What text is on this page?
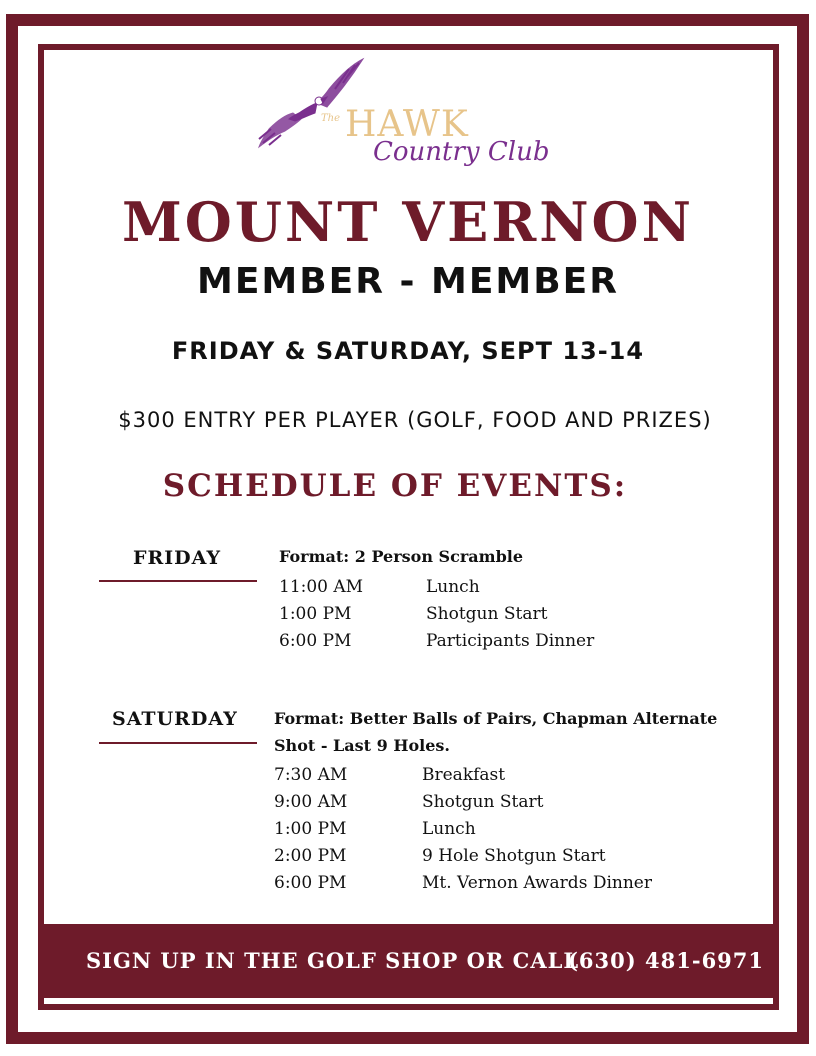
The HAWK
Country Club
MOUNT VERNON
MEMBER - MEMBER
FRIDAY & SATURDAY, SEPT 13-14
$300 ENTRY PER PLAYER (GOLF, FOOD AND PRIZES)
SCHEDULE OF EVENTS:
FRIDAY	Format: 2 Person Scramble
11:00 AM	Lunch
1:00 PM	Shotgun Start
6:00 PM	Participants Dinner
SATURDAY Format: Better Balls of Pairs, Chapman Alternate
Shot - Last 9 Holes.
7:30 AM	Breakfast
9:00 AM	Shotgun Start
1:00 PM	Lunch
2:00 PM	9 Hole Shotgun Start
6:00 PM	Mt. Vernon Awards Dinner
SIGN UP IN THE GOLF SHOP OR CALL
(630) 481-6971
